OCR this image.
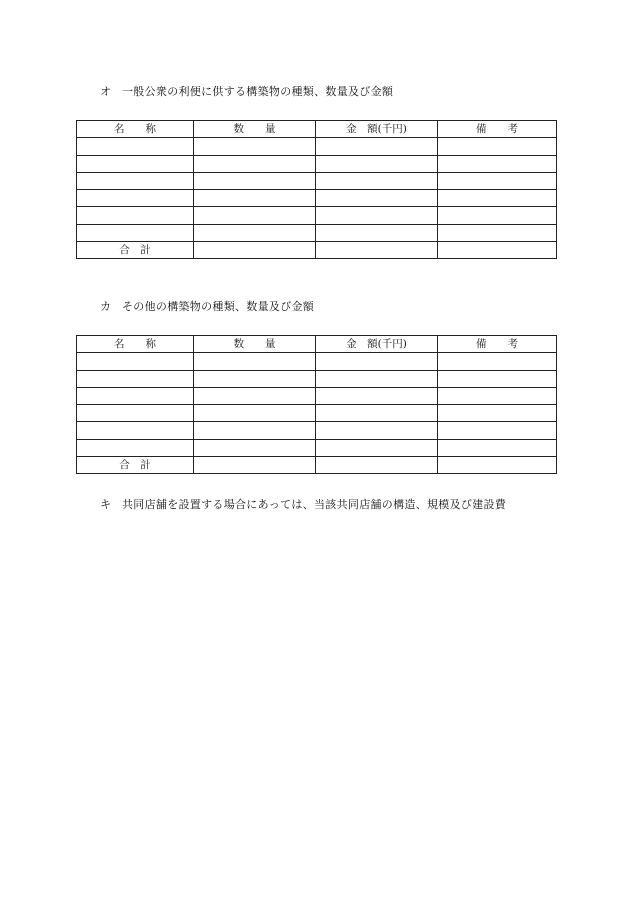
オ 一般公衆の利便に供する構築物の種類、数量及び金額
名　　称	数　　量	金　額(千円)	備　　考

合　計			
カ その他の構築物の種類、数量及び金額
名　　称	数　　量	金　額(千円)	備　　考

合　計			
キ 共同店舗を設置する場合にあっては、当該共同店舗の構造、規模及び建設費
